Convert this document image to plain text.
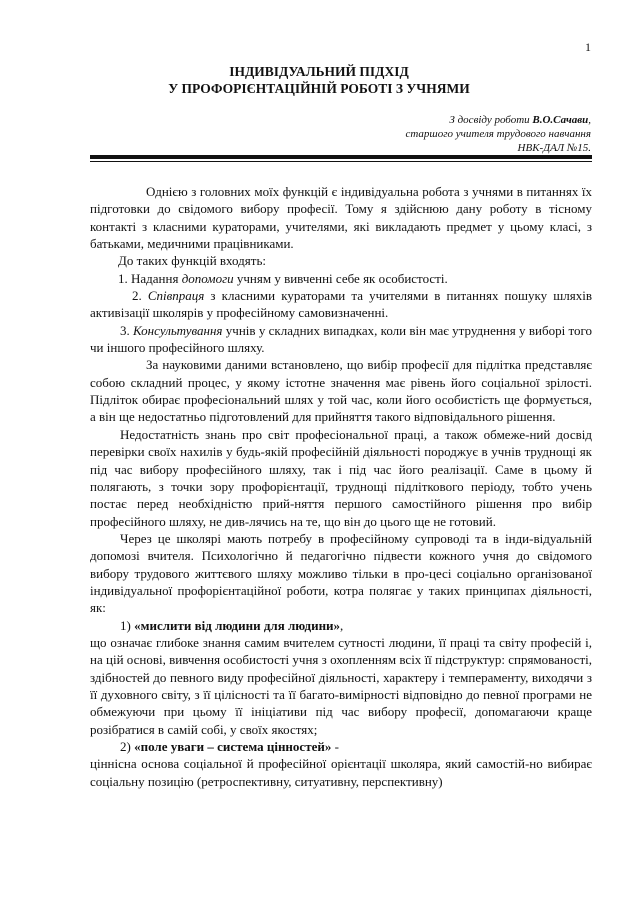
1
ІНДИВІДУАЛЬНИЙ ПІДХІД
У ПРОФОРІЄНТАЦІЙНІЙ РОБОТІ З УЧНЯМИ
З досвіду роботи В.О.Сачави,
старшого учителя трудового навчання
НВК-ДАЛ №15.

Однією з головних моїх функцій є індивідуальна робота з учнями в питаннях їх підготовки до свідомого вибору професії. Тому я здійснюю дану роботу в тісному контакті з класними кураторами, учителями, які викладають предмет у цьому класі, з батьками, медичними працівниками.

До таких функцій входять:

1. Надання допомоги учням у вивченні себе як особистості.

2. Співпраця з класними кураторами та учителями в питаннях пошуку шляхів активізації школярів у професійному самовизначенні.

3. Консультування учнів у складних випадках, коли він має утруднення у виборі того чи іншого професійного шляху.

За науковими даними встановлено, що вибір професії для підлітка представляє собою складний процес, у якому істотне значення має рівень його соціальної зрілості. Підліток обирає професіональний шлях у той час, коли його особистість ще формується, а він ще недостатньо підготовлений для прийняття такого відповідального рішення.

Недостатність знань про світ професіональної праці, а також обмеже-ний досвід перевірки своїх нахилів у будь-якій професійній діяльності породжує в учнів труднощі як під час вибору професійного шляху, так і під час його реалізації. Саме в цьому й полягають, з точки зору профорієнтації, труднощі підліткового періоду, тобто учень постає перед необхідністю прий-няття першого самостійного рішення про вибір професійного шляху, не див-лячись на те, що він до цього ще не готовий.

Через це школярі мають потребу в професійному супроводі та в інди-відуальній допомозі вчителя. Психологічно й педагогічно підвести кожного учня до свідомого вибору трудового життєвого шляху можливо тільки в про-цесі соціально організованої індивідуальної профорієнтаційної роботи, котра полягає у таких принципах діяльності, як:

1) «мислити від людини для людини»,

що означає глибоке знання самим вчителем сутності людини, її праці та світу професій і, на цій основі, вивчення особистості учня з охопленням всіх її підструктур: спрямованості, здібностей до певного виду професійної діяльності, характеру і темпераменту, виходячи з її духовного світу, з її цілісності та її багато-вимірності відповідно до певної програми не обмежуючи при цьому її ініціативи під час вибору професії, допомагаючи краще розібратися в самій собі, у своїх якостях;

2) «поле уваги – система цінностей» -

ціннісна основа соціальної й професійної орієнтації школяра, який самостій-но вибирає соціальну позицію (ретроспективну, ситуативну, перспективну)
